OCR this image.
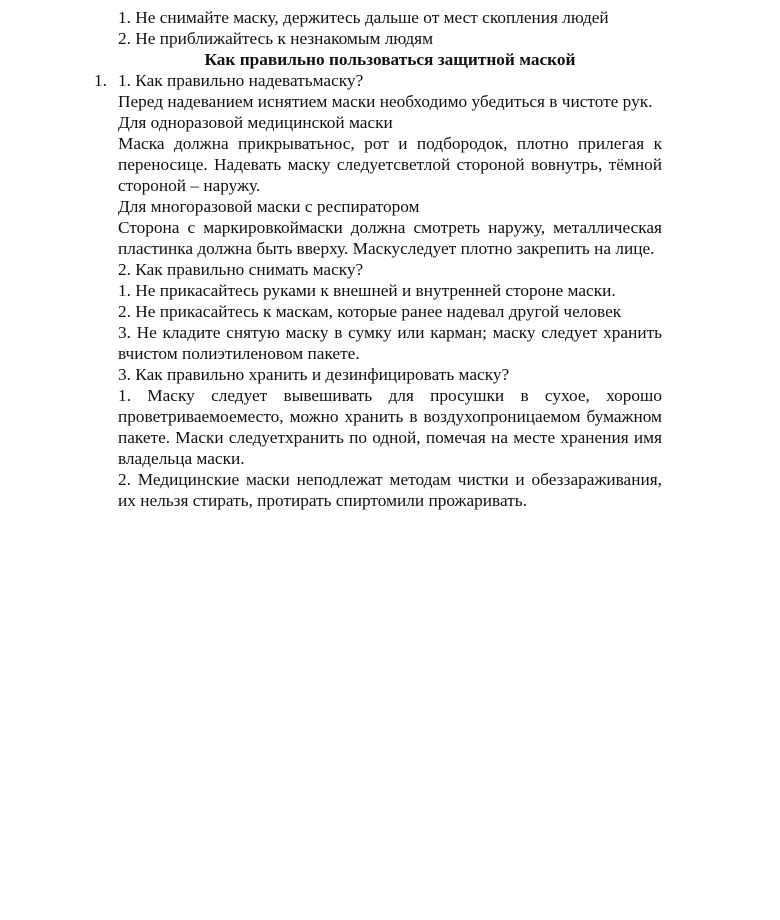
1. Не снимайте маску, держитесь дальше от мест скопления людей

2. Не приближайтесь к незнакомым людям

Как правильно пользоваться защитной маской

1. 1. Как правильно надеватьмаску?

Перед надеванием иснятием маски необходимо убедиться в чистоте рук.

Для одноразовой медицинской маски

Маска должна прикрыватьнос, рот и подбородок, плотно прилегая к переносице. Надевать маску следуетсветлой стороной вовнутрь, тёмной стороной – наружу.

Для многоразовой маски с респиратором

Сторона с маркировкоймаски должна смотреть наружу, металлическая пластинка должна быть вверху. Маскуследует плотно закрепить на лице.

2. Как правильно снимать маску?

1. Не прикасайтесь руками к внешней и внутренней стороне маски.

2. Не прикасайтесь к маскам, которые ранее надевал другой человек

3. Не кладите снятую маску в сумку или карман; маску следует хранить вчистом полиэтиленовом пакете.

3. Как правильно хранить и дезинфицировать маску?

1. Маску следует вывешивать для просушки в сухое, хорошо проветриваемоеместо, можно хранить в воздухопроницаемом бумажном пакете. Маски следуетхранить по одной, помечая на месте хранения имя владельца маски.

2. Медицинские маски неподлежат методам чистки и обеззараживания, их нельзя стирать, протирать спиртомили прожаривать.
